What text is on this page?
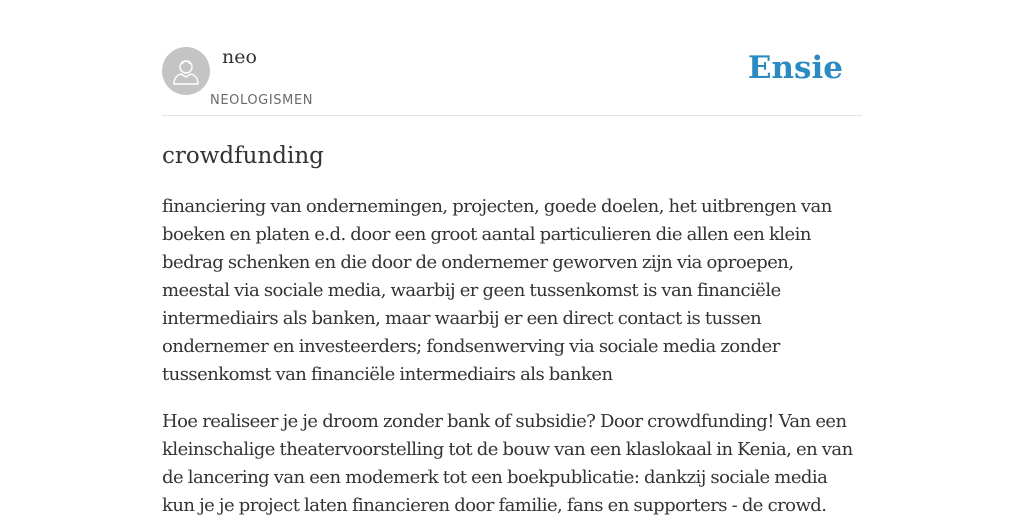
neo
NEOLOGISMEN
Ensie
crowdfunding

financiering van ondernemingen, projecten, goede doelen, het uitbrengen van boeken en platen e.d. door een groot aantal particulieren die allen een klein bedrag schenken en die door de ondernemer geworven zijn via oproepen, meestal via sociale media, waarbij er geen tussenkomst is van financiële intermediairs als banken, maar waarbij er een direct contact is tussen ondernemer en investeerders; fondsenwerving via sociale media zonder tussenkomst van financiële intermediairs als banken

Hoe realiseer je je droom zonder bank of subsidie? Door crowdfunding! Van een kleinschalige theatervoorstelling tot de bouw van een klaslokaal in Kenia, en van de lancering van een modemerk tot een boekpublicatie: dankzij sociale media kun je je project laten financieren door familie, fans en supporters - de crowd.
